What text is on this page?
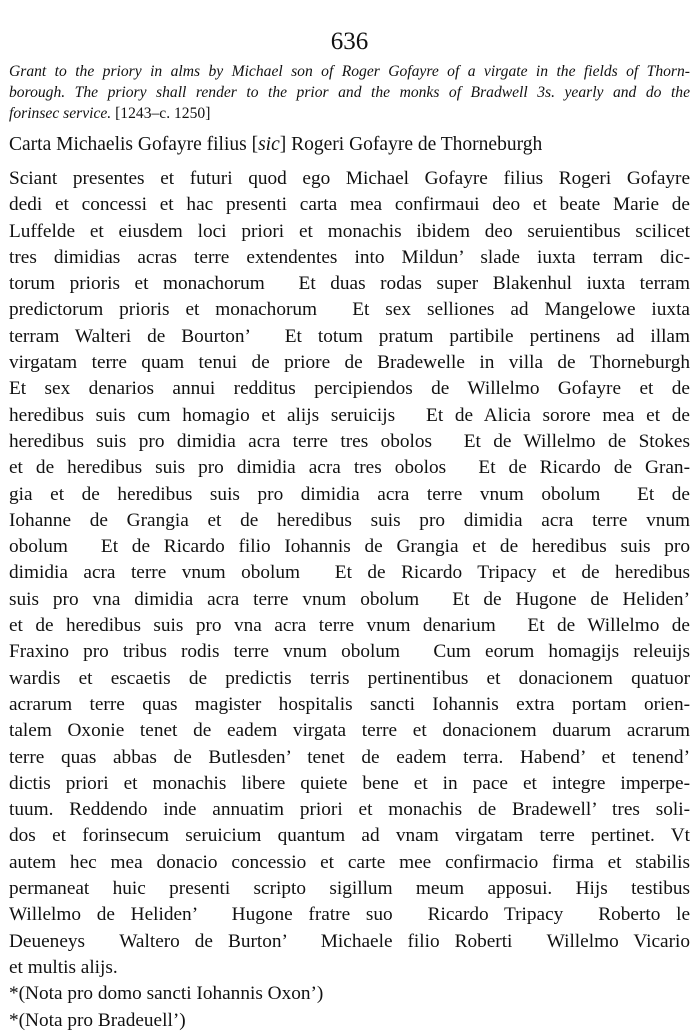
636

Grant to the priory in alms by Michael son of Roger Gofayre of a virgate in the fields of Thorn-
borough. The priory shall render to the prior and the monks of Bradwell 3s. yearly and do the
forinsec service. [1243–c. 1250]

Carta Michaelis Gofayre filius [sic] Rogeri Gofayre de Thorneburgh

Sciant presentes et futuri quod ego Michael Gofayre filius Rogeri Gofayre
dedi et concessi et hac presenti carta mea confirmaui deo et beate Marie de
Luffelde et eiusdem loci priori et monachis ibidem deo seruientibus scilicet
tres dimidias acras terre extendentes into Mildun’ slade iuxta terram dic-
torum prioris et monachorum  Et duas rodas super Blakenhul iuxta terram
predictorum prioris et monachorum  Et sex selliones ad Mangelowe iuxta
terram Walteri de Bourton’  Et totum pratum partibile pertinens ad illam
virgatam terre quam tenui de priore de Bradewelle in villa de Thorneburgh
Et sex denarios annui redditus percipiendos de Willelmo Gofayre et de
heredibus suis cum homagio et alijs seruicijs  Et de Alicia sorore mea et de
heredibus suis pro dimidia acra terre tres obolos  Et de Willelmo de Stokes
et de heredibus suis pro dimidia acra tres obolos  Et de Ricardo de Gran-
gia et de heredibus suis pro dimidia acra terre vnum obolum  Et de
Iohanne de Grangia et de heredibus suis pro dimidia acra terre vnum
obolum  Et de Ricardo filio Iohannis de Grangia et de heredibus suis pro
dimidia acra terre vnum obolum  Et de Ricardo Tripacy et de heredibus
suis pro vna dimidia acra terre vnum obolum  Et de Hugone de Heliden’
et de heredibus suis pro vna acra terre vnum denarium  Et de Willelmo de
Fraxino pro tribus rodis terre vnum obolum  Cum eorum homagijs releuijs
wardis et escaetis de predictis terris pertinentibus et donacionem quatuor
acrarum terre quas magister hospitalis sancti Iohannis extra portam orien-
talem Oxonie tenet de eadem virgata terre et donacionem duarum acrarum
terre quas abbas de Butlesden’ tenet de eadem terra. Habend’ et tenend’
dictis priori et monachis libere quiete bene et in pace et integre imperpe-
tuum. Reddendo inde annuatim priori et monachis de Bradewell’ tres soli-
dos et forinsecum seruicium quantum ad vnam virgatam terre pertinet. Vt
autem hec mea donacio concessio et carte mee confirmacio firma et stabilis
permaneat huic presenti scripto sigillum meum apposui. Hijs testibus
Willelmo de Heliden’  Hugone fratre suo  Ricardo Tripacy  Roberto le
Deueneys  Waltero de Burton’  Michaele filio Roberti  Willelmo Vicario
et multis alijs.
*(Nota pro domo sancti Iohannis Oxon’)
*(Nota pro Bradeuell’)
